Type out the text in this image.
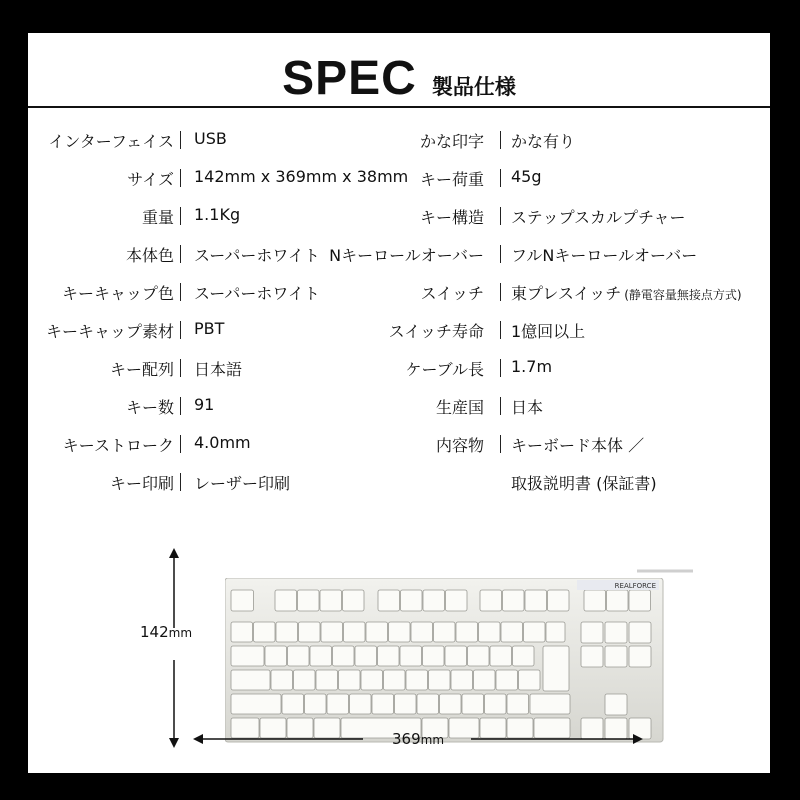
SPEC 製品仕様
インターフェイス USB
サイズ 142mm x 369mm x 38mm
重量 1.1Kg
本体色 スーパーホワイト
キーキャップ色 スーパーホワイト
キーキャップ素材 PBT
キー配列 日本語
キー数 91
キーストローク 4.0mm
キー印刷 レーザー印刷
かな印字 かな有り
キー荷重 45g
キー構造 ステップスカルプチャー
Nキーロールオーバー フルNキーロールオーバー
スイッチ 東プレスイッチ (静電容量無接点方式)
スイッチ寿命 1億回以上
ケーブル長 1.7m
生産国 日本
内容物 キーボード本体 ／
取扱説明書 (保証書)
REALFORCE
142mm
369mm
